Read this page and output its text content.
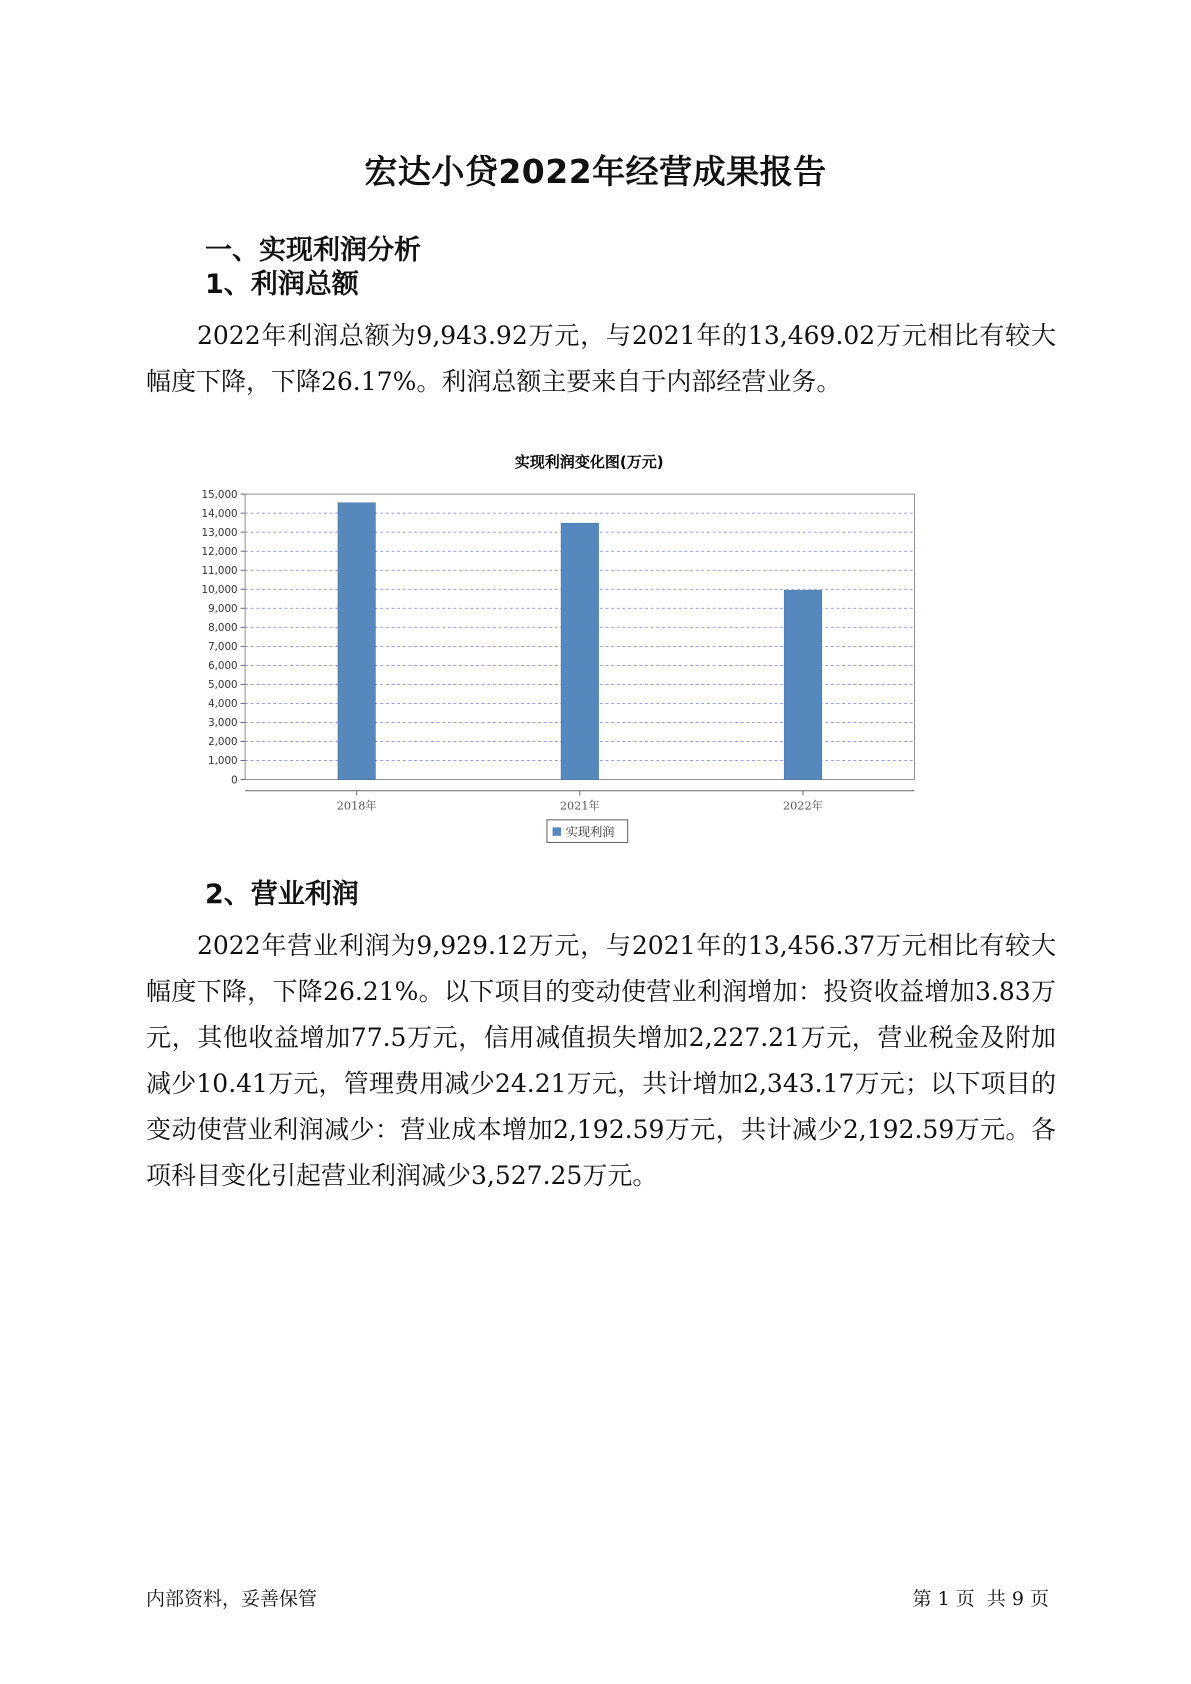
宏达小贷2022年经营成果报告
一、实现利润分析
1、利润总额

2022年利润总额为9,943.92万元，与2021年的13,469.02万元相比有较大幅度下降，下降26.17%。利润总额主要来自于内部经营业务。

实现利润变化图(万元)
0
1,000
2,000
3,000
4,000
5,000
6,000
7,000
8,000
9,000
10,000
11,000
12,000
13,000
14,000
15,000
2018年	2021年	2022年
实现利润
2、营业利润

2022年营业利润为9,929.12万元，与2021年的13,456.37万元相比有较大幅度下降，下降26.21%。以下项目的变动使营业利润增加：投资收益增加3.83万元，其他收益增加77.5万元，信用减值损失增加2,227.21万元，营业税金及附加减少10.41万元，管理费用减少24.21万元，共计增加2,343.17万元；以下项目的变动使营业利润减少：营业成本增加2,192.59万元，共计减少2,192.59万元。各项科目变化引起营业利润减少3,527.25万元。

内部资料，妥善保管	第 1 页  共 9 页
